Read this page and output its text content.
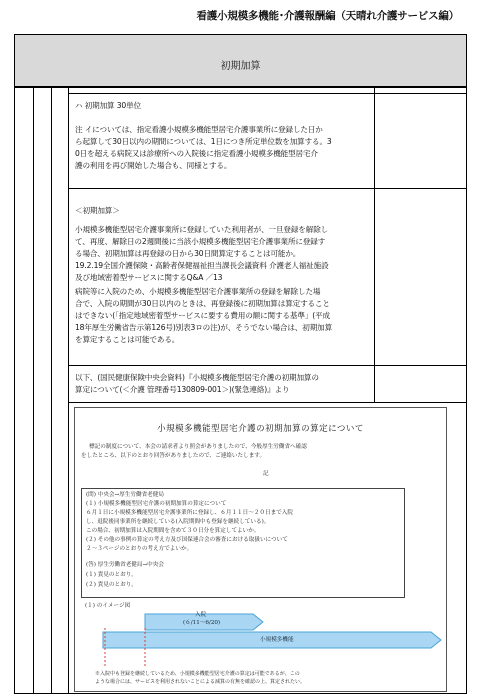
看護小規模多機能･介護報酬編（天晴れ介護サービス編）
初期加算
ハ 初期加算 30単位

注 イについては、指定看護小規模多機能型居宅介護事業所に登録した日か

ら起算して30日以内の期間については、1日につき所定単位数を加算する。3

0日を超える病院又は診療所への入院後に指定看護小規模多機能型居宅介

護の利用を再び開始した場合も、同様とする。

＜初期加算＞

小規模多機能型居宅介護事業所に登録していた利用者が、一旦登録を解除し

て、再度、解除日の2週間後に当該小規模多機能型居宅介護事業所に登録す

る場合、初期加算は再登録の日から30日間算定することは可能か。

19.2.19全国介護保険・高齢者保健福祉担当課長会議資料 介護老人福祉施設

及び地域密着型サービスに関するQ&A ／13

病院等に入院のため、小規模多機能型居宅介護事業所の登録を解除した場

合で、入院の期間が30日以内のときは、再登録後に初期加算は算定すること

はできない(「指定地域密着型サービスに要する費用の額に関する基準」(平成

18年厚生労働省告示第126号)別表3ロの注)が、そうでない場合は、初期加算

を算定することは可能である。

以下、(国民健康保険中央会資料)『小規模多機能型居宅介護の初期加算の

算定について(＜介護 管理番号130809-001＞)(緊急連絡)』より

小規模多機能型居宅介護の初期加算の算定について
標記の制度について、本会の請求者より照会がありましたので、今般厚生労働省へ確認
をしたところ、以下のとおり回答がありましたので、ご連絡いたします。
記
(問) 中央会→厚生労働省老健局
(１) 小規模多機能型居宅介護の初期加算の算定について
６月１日に小規模多機能型居宅介護事業所に登録し、６月１１日～２０日まで入院
し、退院後同事業所を継続している(入院期間中も登録を継続している)。
この場合、初期加算は入院期間を含めて３０日分を算定してよいか。
(２) その他の事例の算定の考え方及び国保連合会の審査における取扱いについて
２～３ページのとおりの考え方でよいか。
(答) 厚生労働省老健局→中央会
(１) 貴見のとおり。
(２) 貴見のとおり。
(１) のイメージ図
入院
(６/11～6/20)
小規模多機能
※入院中も登録を継続しているため、小規模多機能型居宅介護の算定は可能であるが、この
ような場合には、サービスを利用されないことによる減算の有無を確認の上、算定されたい。
